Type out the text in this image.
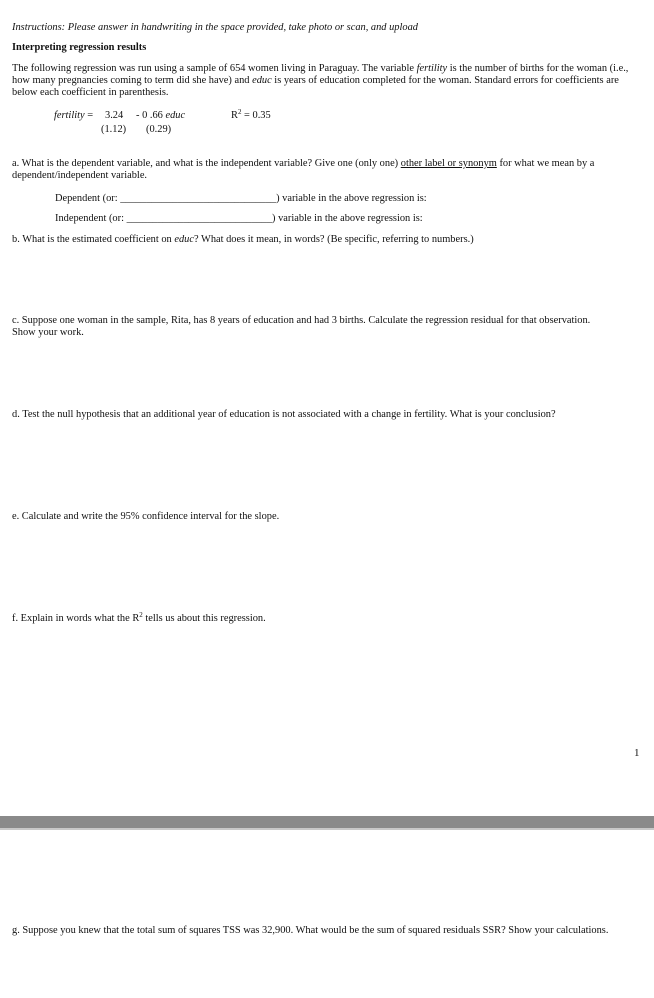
Instructions: Please answer in handwriting in the space provided, take photo or scan, and upload
Interpreting regression results
The following regression was run using a sample of 654 women living in Paraguay. The variable fertility is the number of births for the woman (i.e., how many pregnancies coming to term did she have) and educ is years of education completed for the woman. Standard errors for coefficients are below each coefficient in parenthesis.
fertility = 3.24 - 0 .66 educ	$R^2 = 0.35$
(1.12) (0.29)
a. What is the dependent variable, and what is the independent variable? Give one (only one) other label or synonym for what we mean by a dependent/independent variable.
Dependent (or: ______________________________) variable in the above regression is:
Independent (or: ____________________________) variable in the above regression is:
b. What is the estimated coefficient on educ? What does it mean, in words? (Be specific, referring to numbers.)
c. Suppose one woman in the sample, Rita, has 8 years of education and had 3 births. Calculate the regression residual for that observation. Show your work.
d. Test the null hypothesis that an additional year of education is not associated with a change in fertility. What is your conclusion?
e. Calculate and write the 95% confidence interval for the slope.
f. Explain in words what the $R^2$ tells us about this regression.
1
g. Suppose you knew that the total sum of squares TSS was 32,900. What would be the sum of squared residuals SSR? Show your calculations.
